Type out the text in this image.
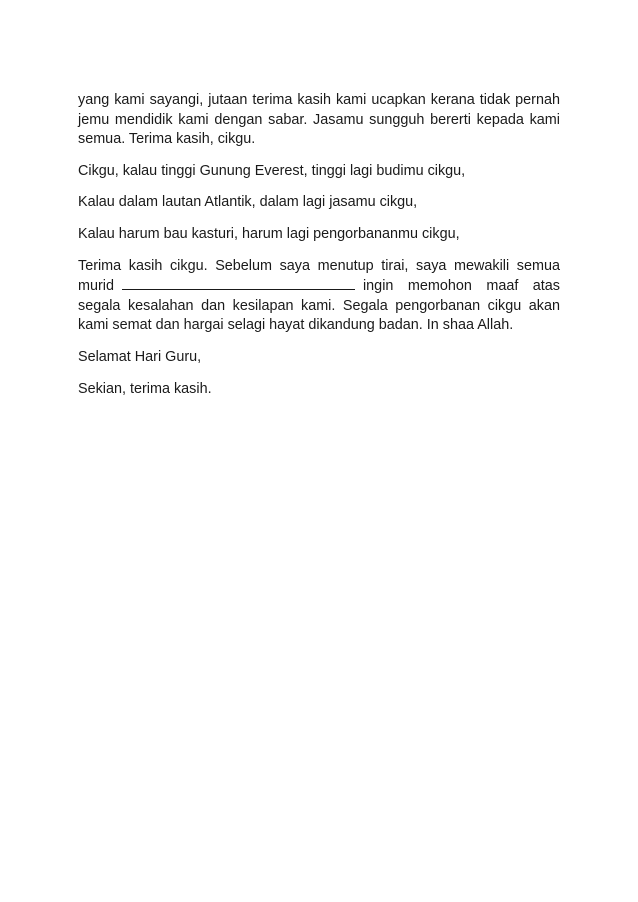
yang kami sayangi, jutaan terima kasih kami ucapkan kerana tidak pernah jemu mendidik kami dengan sabar. Jasamu sungguh bererti kepada kami semua. Terima kasih, cikgu.

Cikgu, kalau tinggi Gunung Everest, tinggi lagi budimu cikgu,

Kalau dalam lautan Atlantik, dalam lagi jasamu cikgu,

Kalau harum bau kasturi, harum lagi pengorbananmu cikgu,

Terima kasih cikgu. Sebelum saya menutup tirai, saya mewakili semua murid	ingin memohon maaf atas segala kesalahan dan kesilapan kami. Segala pengorbanan cikgu akan kami semat dan hargai selagi hayat dikandung badan. In shaa Allah.

Selamat Hari Guru,

Sekian, terima kasih.
